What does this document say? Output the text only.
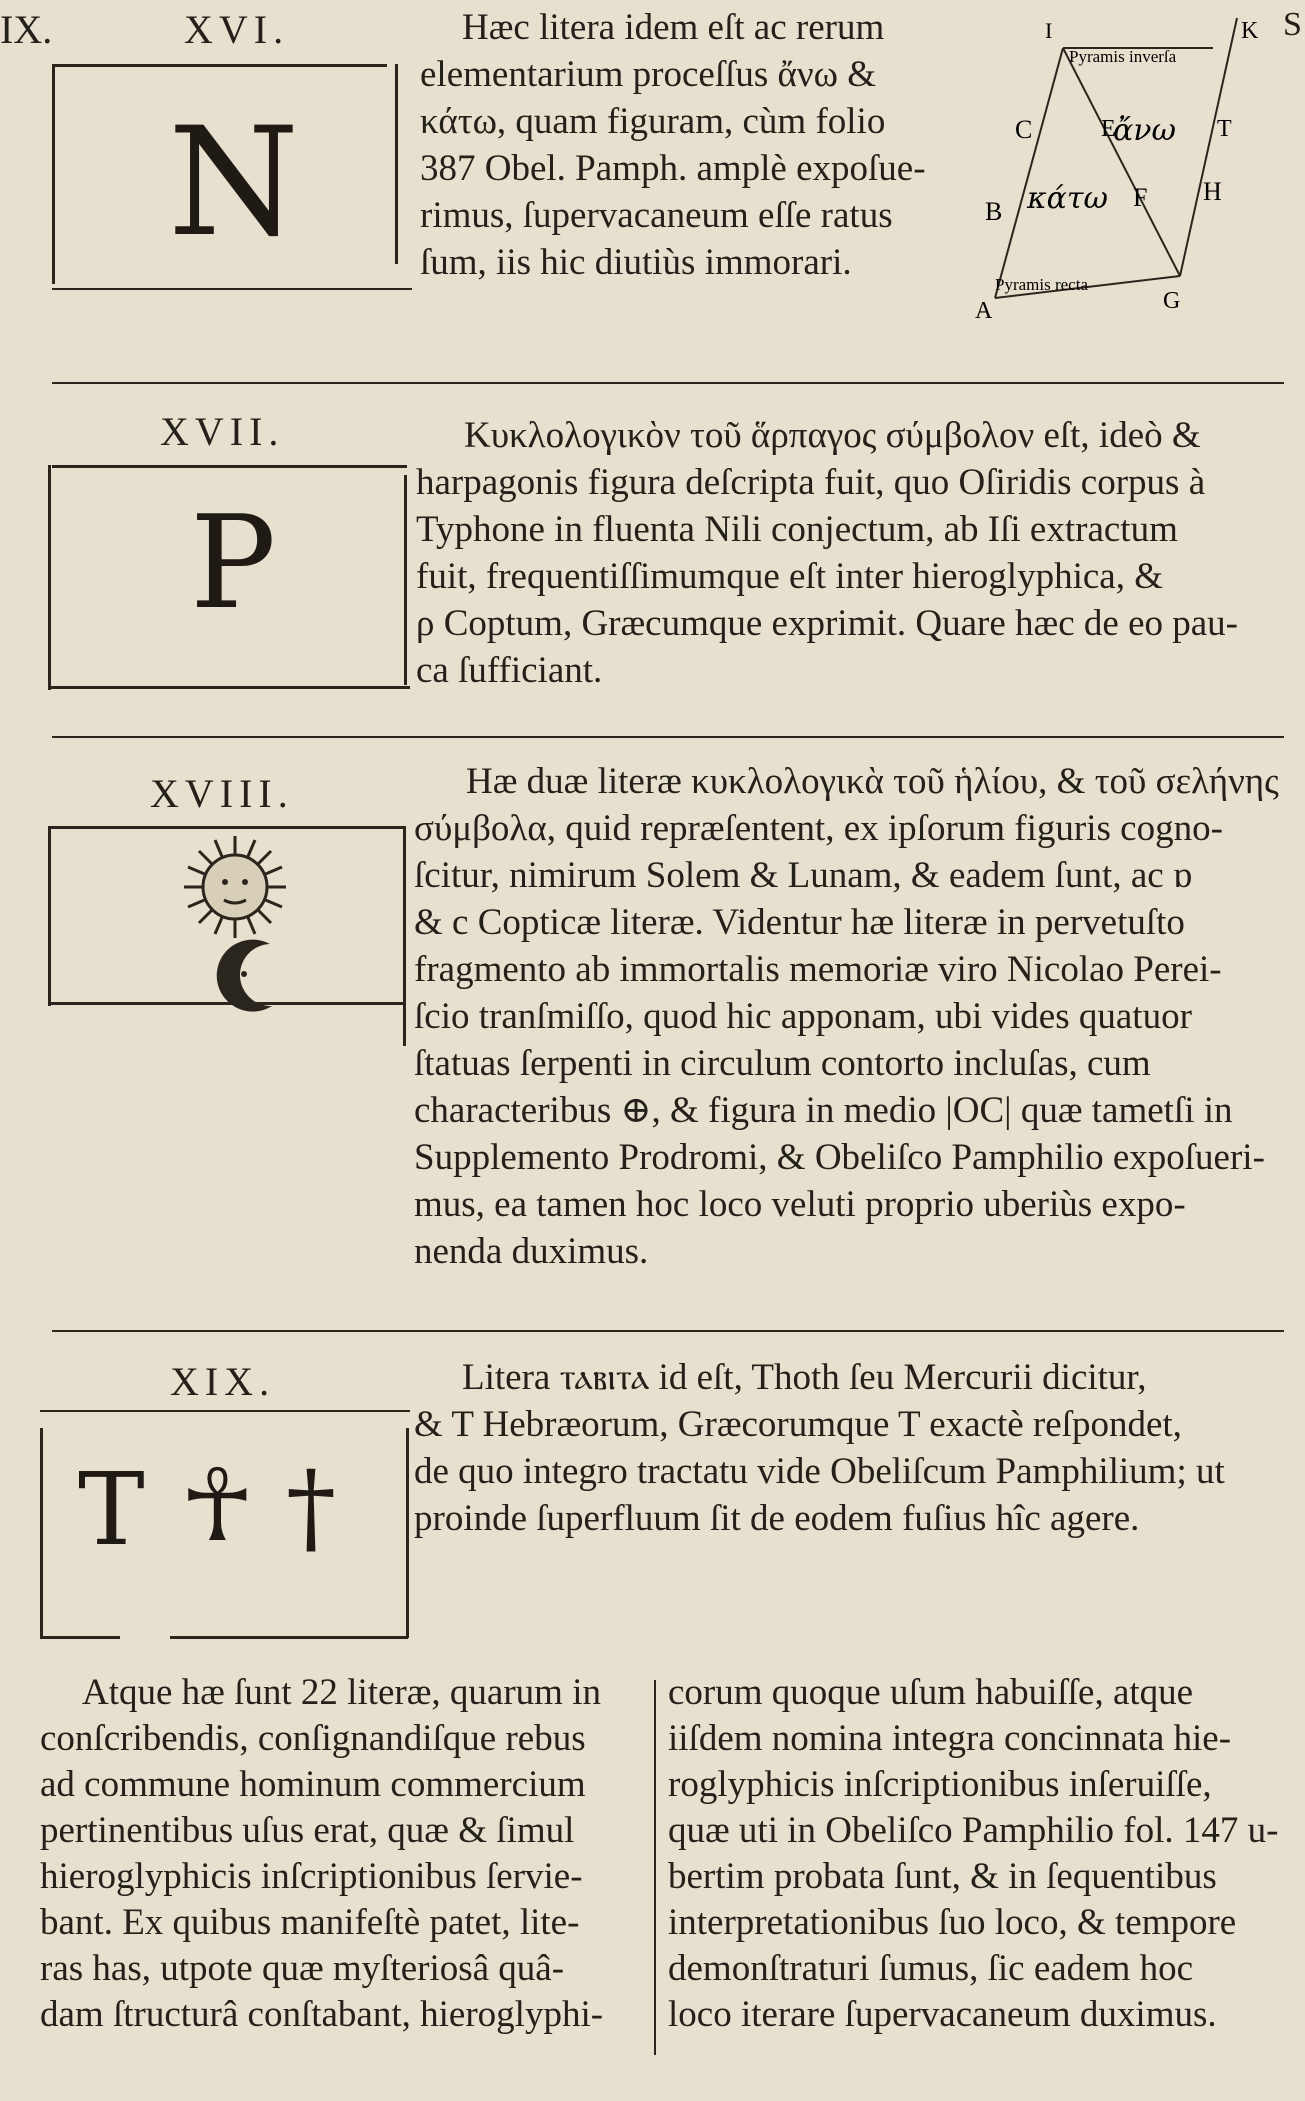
IX.	S
XVI.
N
Hæc litera idem eſt ac rerum
elementarium proceſſus ἄνω &
κάτω, quam figuram, cùm folio
387 Obel. Pamph. amplè expoſue-
rimus, ſupervacaneum eſſe ratus
ſum, iis hic diutiùs immorari.
I	K
C	E	T
B	F H
A	G
Pyramis inverſa
Pyramis recta
ἄνω
κάτω
XVII.
P
Κυκλολογικὸν τοῦ ἅρπαγος σύμβολον eſt, ideò &
harpagonis figura deſcripta fuit, quo Oſiridis corpus à
Typhone in fluenta Nili conjectum, ab Iſi extractum
fuit, frequentiſſimumque eſt inter hieroglyphica, &
ρ Coptum, Græcumque exprimit. Quare hæc de eo pau-
ca ſufficiant.
XVIII.	Hæ duæ literæ κυκλολογικὰ τοῦ ἡλίου, & τοῦ σελήνης
σύμβολα, quid repræſentent, ex ipſorum figuris cogno-
ſcitur, nimirum Solem & Lunam, & eadem ſunt, ac ɒ
& c Copticæ literæ. Videntur hæ literæ in pervetuſto
fragmento ab immortalis memoriæ viro Nicolao Perei-
ſcio tranſmiſſo, quod hic apponam, ubi vides quatuor
ſtatuas ſerpenti in circulum contorto incluſas, cum
characteribus ⊕, & figura in medio |OC| quæ tametſi in
Supplemento Prodromi, & Obeliſco Pamphilio expoſueri-
mus, ea tamen hoc loco veluti proprio uberiùs expo-
nenda duximus.
XIX.
T ☥ †
Litera ⲧⲁⲃⲓⲧⲁ id eſt, Thoth ſeu Mercurii dicitur,
& T Hebræorum, Græcorumque T exactè reſpondet,
de quo integro tractatu vide Obeliſcum Pamphilium; ut
proinde ſuperfluum ſit de eodem fuſius hîc agere.
Atque hæ ſunt 22 literæ, quarum in
conſcribendis, conſignandiſque rebus
ad commune hominum commercium
pertinentibus uſus erat, quæ & ſimul
hieroglyphicis inſcriptionibus ſervie-
bant. Ex quibus manifeſtè patet, lite-
ras has, utpote quæ myſteriosâ quâ-
dam ſtructurâ conſtabant, hieroglyphi-
corum quoque uſum habuiſſe, atque
iiſdem nomina integra concinnata hie-
roglyphicis inſcriptionibus inſeruiſſe,
quæ uti in Obeliſco Pamphilio fol. 147 u-
bertim probata ſunt, & in ſequentibus
interpretationibus ſuo loco, & tempore
demonſtraturi ſumus, ſic eadem hoc
loco iterare ſupervacaneum duximus.
